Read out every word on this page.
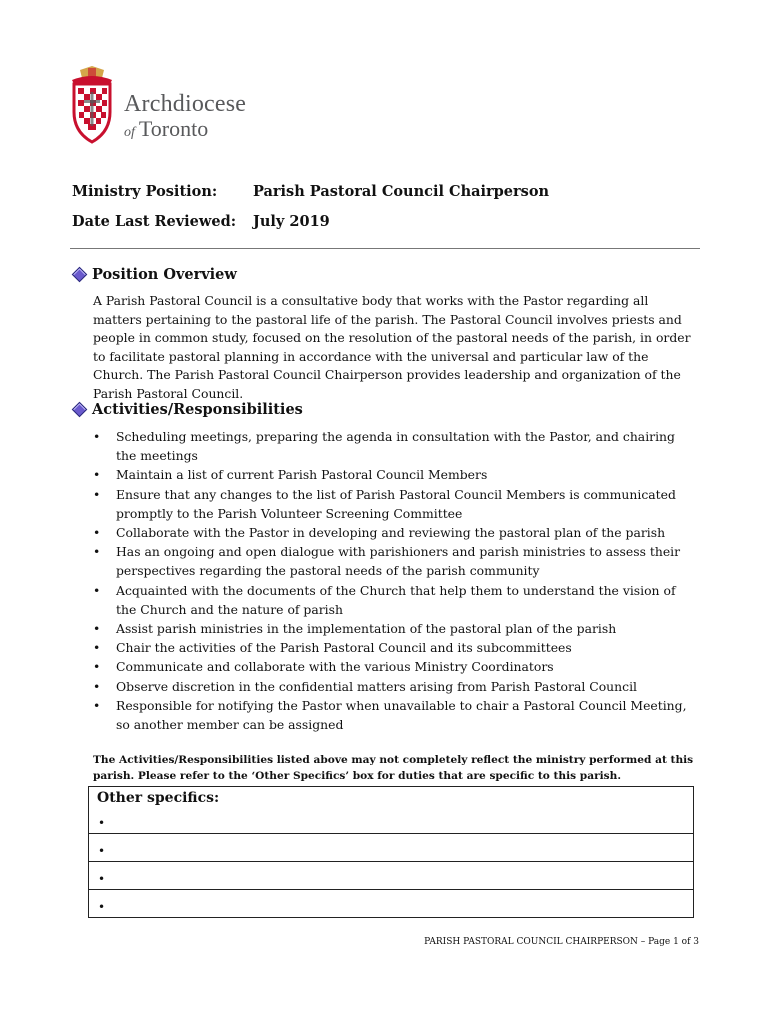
Archdiocese
of Toronto
Ministry Position: Parish Pastoral Council Chairperson
Date Last Reviewed: July 2019
Position Overview
A Parish Pastoral Council is a consultative body that works with the Pastor regarding all matters pertaining to the pastoral life of the parish. The Pastoral Council involves priests and people in common study, focused on the resolution of the pastoral needs of the parish, in order to facilitate pastoral planning in accordance with the universal and particular law of the Church. The Parish Pastoral Council Chairperson provides leadership and organization of the Parish Pastoral Council.
Activities/Responsibilities
• Scheduling meetings, preparing the agenda in consultation with the Pastor, and chairing the meetings
• Maintain a list of current Parish Pastoral Council Members
• Ensure that any changes to the list of Parish Pastoral Council Members is communicated promptly to the Parish Volunteer Screening Committee
• Collaborate with the Pastor in developing and reviewing the pastoral plan of the parish
• Has an ongoing and open dialogue with parishioners and parish ministries to assess their perspectives regarding the pastoral needs of the parish community
• Acquainted with the documents of the Church that help them to understand the vision of the Church and the nature of parish
• Assist parish ministries in the implementation of the pastoral plan of the parish
• Chair the activities of the Parish Pastoral Council and its subcommittees
• Communicate and collaborate with the various Ministry Coordinators
• Observe discretion in the confidential matters arising from Parish Pastoral Council
• Responsible for notifying the Pastor when unavailable to chair a Pastoral Council Meeting, so another member can be assigned
The Activities/Responsibilities listed above may not completely reflect the ministry performed at this parish. Please refer to the ‘Other Specifics’ box for duties that are specific to this parish.
Other specifics:
•
•
•
•
PARISH PASTORAL COUNCIL CHAIRPERSON – Page 1 of 3
